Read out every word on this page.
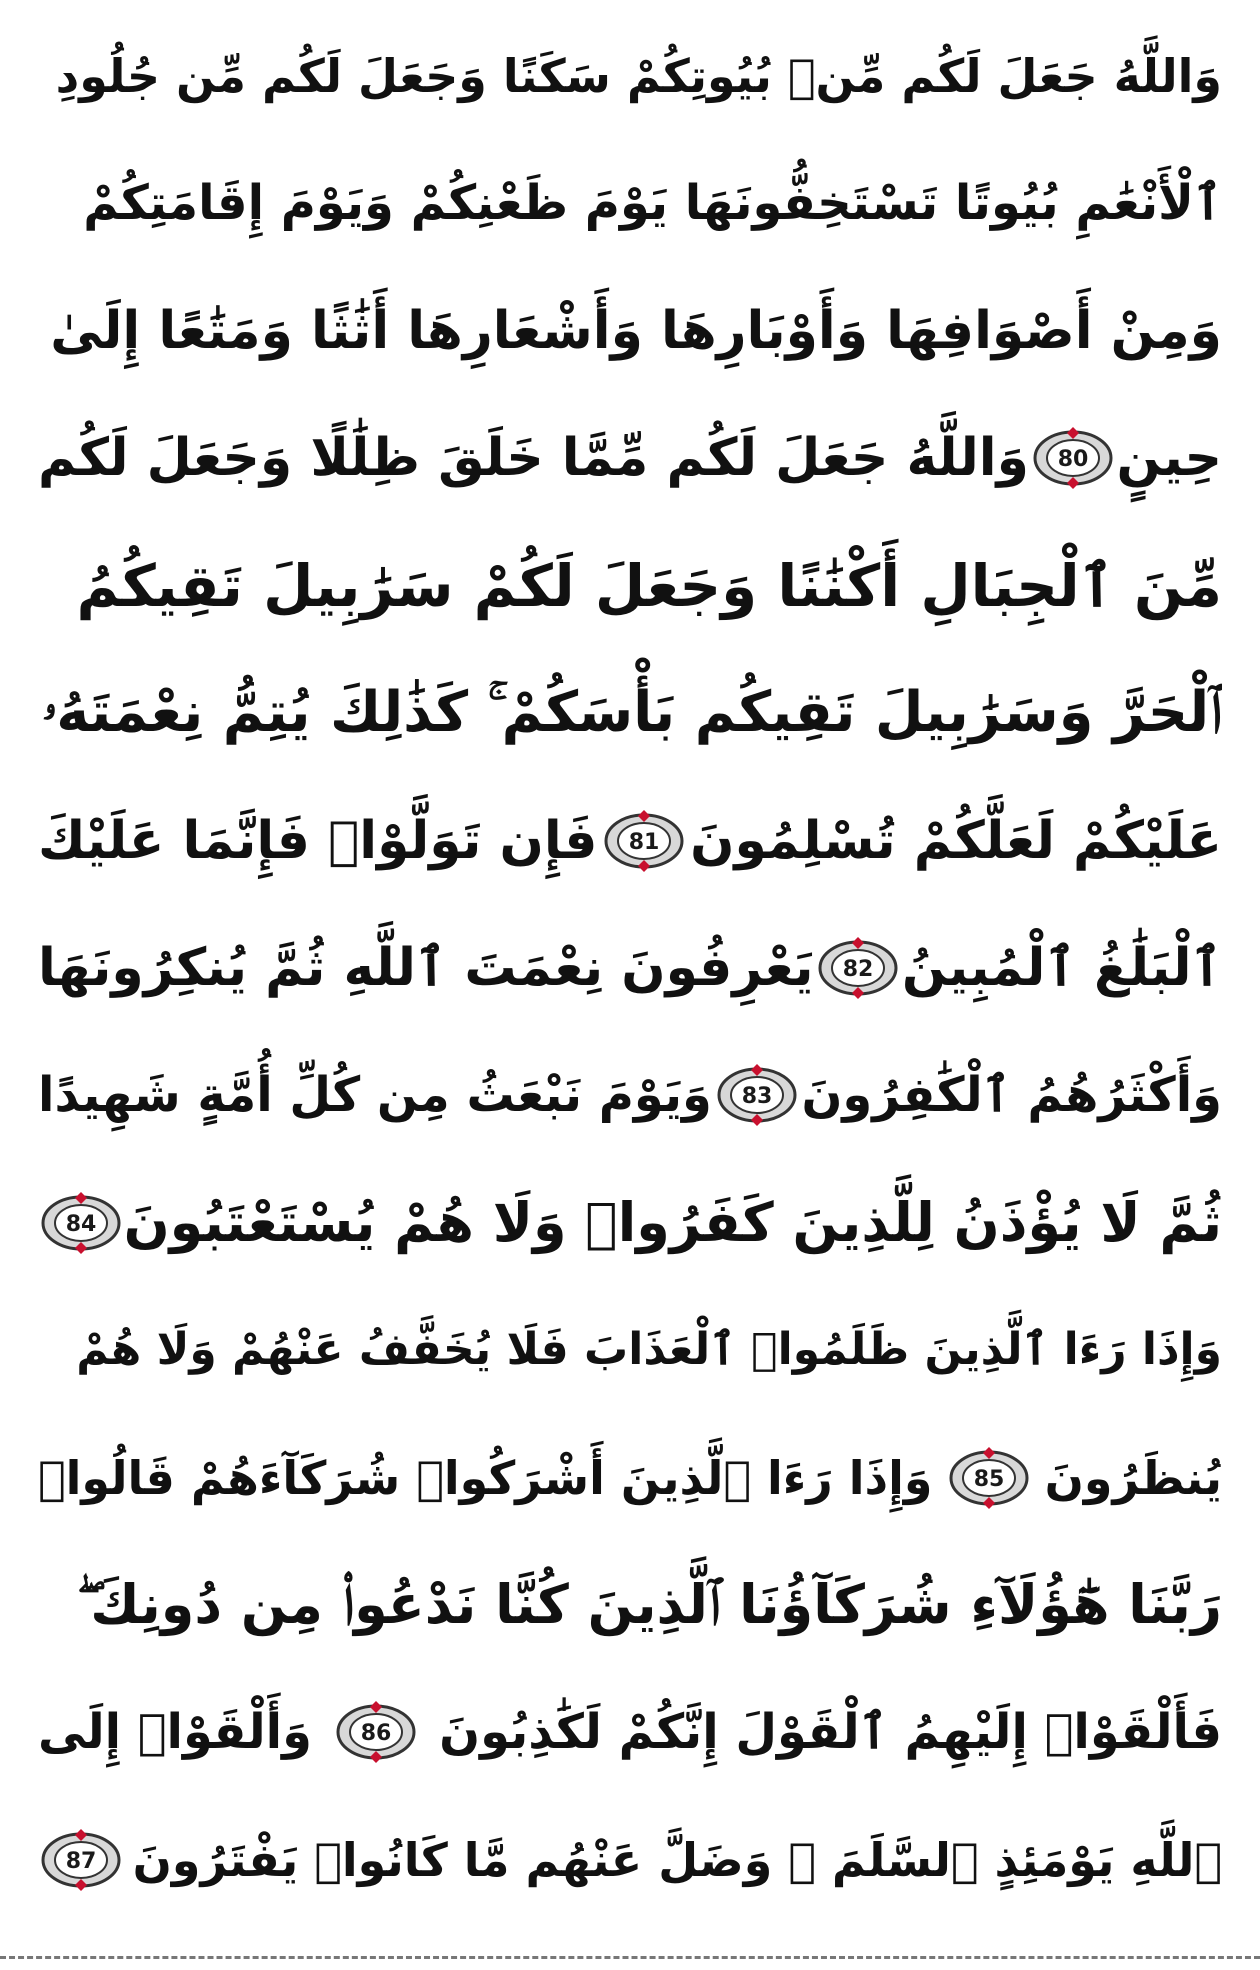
وَاللَّهُ جَعَلَ لَكُم مِّنۢ بُيُوتِكُمْ سَكَنًا وَجَعَلَ لَكُم مِّن جُلُودِ
ٱلْأَنْعَٰمِ بُيُوتًا تَسْتَخِفُّونَهَا يَوْمَ ظَعْنِكُمْ وَيَوْمَ إِقَامَتِكُمْ
وَمِنْ أَصْوَافِهَا وَأَوْبَارِهَا وَأَشْعَارِهَا أَثَٰثًا وَمَتَٰعًا إِلَىٰ
حِينٍ
80
وَاللَّهُ جَعَلَ لَكُم مِّمَّا خَلَقَ ظِلَٰلًا وَجَعَلَ لَكُم
مِّنَ ٱلْجِبَالِ أَكْنَٰنًا وَجَعَلَ لَكُمْ سَرَٰبِيلَ تَقِيكُمُ
ٱلْحَرَّ وَسَرَٰبِيلَ تَقِيكُم بَأْسَكُمْ ۚ كَذَٰلِكَ يُتِمُّ نِعْمَتَهُۥ
عَلَيْكُمْ لَعَلَّكُمْ تُسْلِمُونَ
81
فَإِن تَوَلَّوْا۟ فَإِنَّمَا عَلَيْكَ
ٱلْبَلَٰغُ ٱلْمُبِينُ
82
يَعْرِفُونَ نِعْمَتَ ٱللَّهِ ثُمَّ يُنكِرُونَهَا
وَأَكْثَرُهُمُ ٱلْكَٰفِرُونَ
83
وَيَوْمَ نَبْعَثُ مِن كُلِّ أُمَّةٍ شَهِيدًا
ثُمَّ لَا يُؤْذَنُ لِلَّذِينَ كَفَرُوا۟ وَلَا هُمْ يُسْتَعْتَبُونَ
84
وَإِذَا رَءَا ٱلَّذِينَ ظَلَمُوا۟ ٱلْعَذَابَ فَلَا يُخَفَّفُ عَنْهُمْ وَلَا هُمْ
يُنظَرُونَ
85
وَإِذَا رَءَا ٱلَّذِينَ أَشْرَكُوا۟ شُرَكَآءَهُمْ قَالُوا۟
رَبَّنَا هَٰٓؤُلَآءِ شُرَكَآؤُنَا ٱلَّذِينَ كُنَّا نَدْعُوا۟ مِن دُونِكَ ۖ
فَأَلْقَوْا۟ إِلَيْهِمُ ٱلْقَوْلَ إِنَّكُمْ لَكَٰذِبُونَ
86
وَأَلْقَوْا۟ إِلَى
ٱللَّهِ يَوْمَئِذٍ ٱلسَّلَمَ ۖ وَضَلَّ عَنْهُم مَّا كَانُوا۟ يَفْتَرُونَ
87
